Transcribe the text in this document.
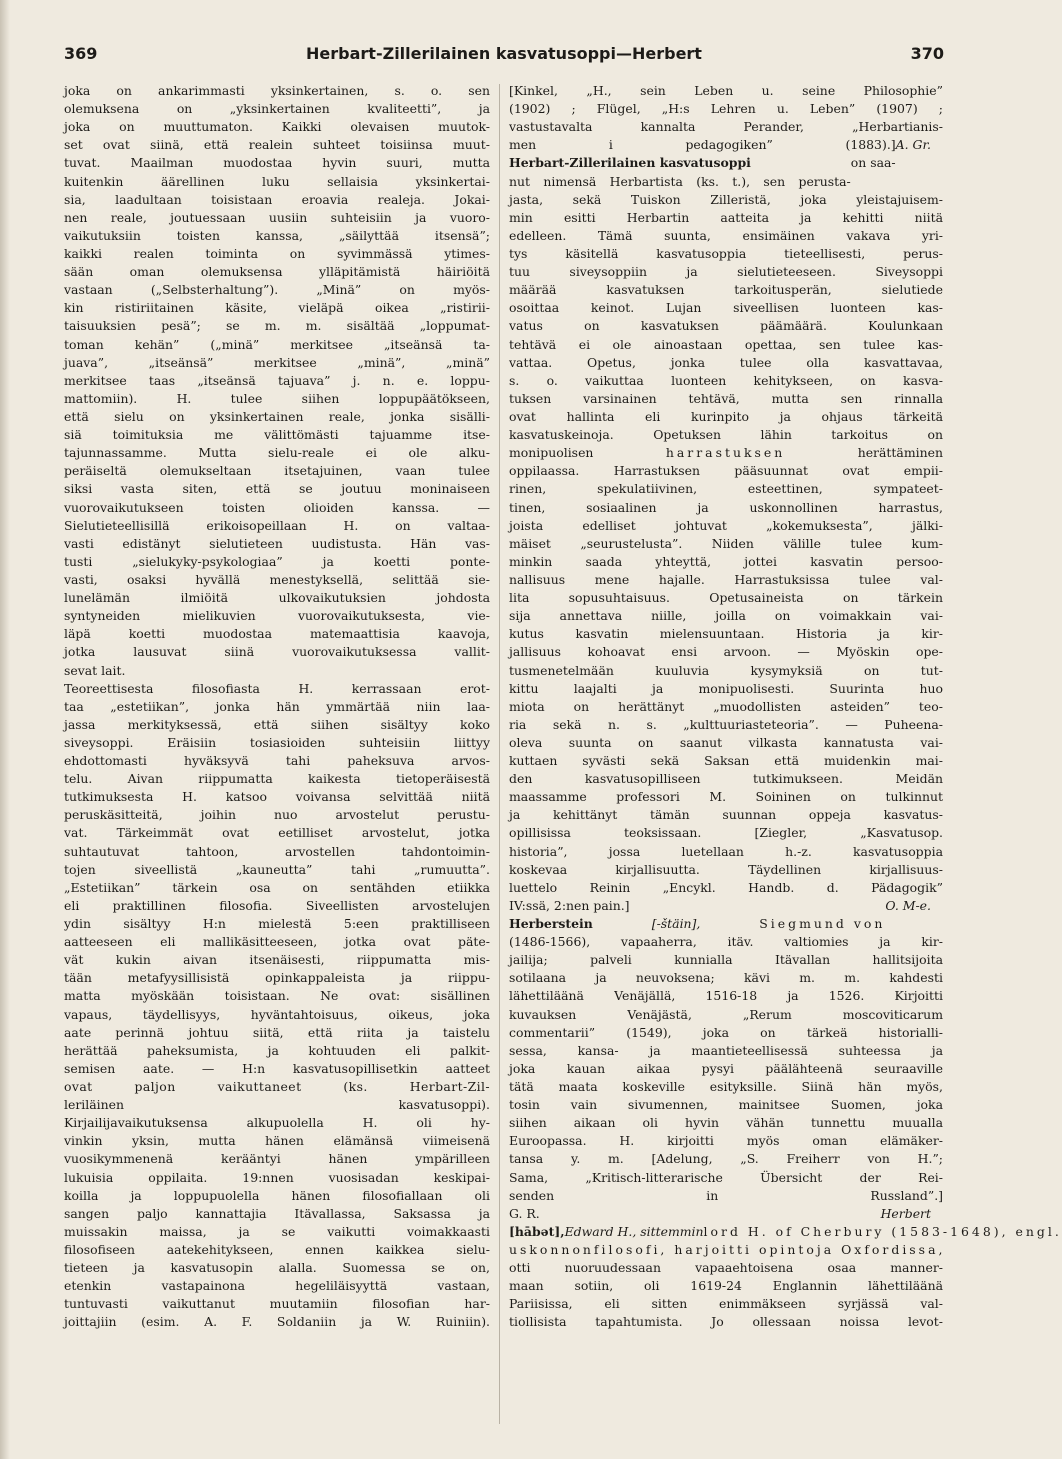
369	Herbart-Zillerilainen kasvatusoppi—Herbert	370
joka on ankarimmasti yksinkertainen, s. o. sen
olemuksena on „yksinkertainen kvaliteetti”, ja
joka on muuttumaton. Kaikki olevaisen muutok-
set ovat siinä, että realein suhteet toisiinsa muut-
tuvat. Maailman muodostaa hyvin suuri, mutta
kuitenkin äärellinen luku sellaisia yksinkertai-
sia, laadultaan toisistaan eroavia realeja. Jokai-
nen reale, joutuessaan uusiin suhteisiin ja vuoro-
vaikutuksiin toisten kanssa, „säilyttää itsensä”;
kaikki realen toiminta on syvimmässä ytimes-
sään oman olemuksensa ylläpitämistä häiriöitä
vastaan („Selbsterhaltung”). „Minä” on myös-
kin ristiriitainen käsite, vieläpä oikea „ristirii-
taisuuksien pesä”; se m. m. sisältää „loppumat-
toman kehän” („minä” merkitsee „itseänsä ta-
juava”, „itseänsä” merkitsee „minä”, „minä”
merkitsee taas „itseänsä tajuava” j. n. e. loppu-
mattomiin). H. tulee siihen loppupäätökseen,
että sielu on yksinkertainen reale, jonka sisälli-
siä toimituksia me välittömästi tajuamme itse-
tajunnassamme. Mutta sielu-reale ei ole alku-
peräiseltä olemukseltaan itsetajuinen, vaan tulee
siksi vasta siten, että se joutuu moninaiseen
vuorovaikutukseen toisten olioiden kanssa. —
Sielutieteellisillä erikoisopeillaan H. on valtaa-
vasti edistänyt sielutieteen uudistusta. Hän vas-
tusti „sielukyky-psykologiaa” ja koetti ponte-
vasti, osaksi hyvällä menestyksellä, selittää sie-
lunelämän ilmiöitä ulkovaikutuksien johdosta
syntyneiden mielikuvien vuorovaikutuksesta, vie-
läpä koetti muodostaa matemaattisia kaavoja,
jotka lausuvat siinä vuorovaikutuksessa vallit-
sevat lait.
Teoreettisesta filosofiasta H. kerrassaan erot-
taa „estetiikan”, jonka hän ymmärtää niin laa-
jassa merkityksessä, että siihen sisältyy koko
siveysoppi. Eräisiin tosiasioiden suhteisiin liittyy
ehdottomasti hyväksyvä tahi paheksuva arvos-
telu. Aivan riippumatta kaikesta tietoperäisestä
tutkimuksesta H. katsoo voivansa selvittää niitä
peruskäsitteitä, joihin nuo arvostelut perustu-
vat. Tärkeimmät ovat eetilliset arvostelut, jotka
suhtautuvat tahtoon, arvostellen tahdontoimin-
tojen siveellistä „kauneutta” tahi „rumuutta”.
„Estetiikan” tärkein osa on sentähden etiikka
eli praktillinen filosofia. Siveellisten arvostelujen
ydin sisältyy H:n mielestä 5:een praktilliseen
aatteeseen eli mallikäsitteeseen, jotka ovat päte-
vät kukin aivan itsenäisesti, riippumatta mis-
tään metafyysillisistä opinkappaleista ja riippu-
matta myöskään toisistaan. Ne ovat: sisällinen
vapaus, täydellisyys, hyväntahtoisuus, oikeus, joka
aate perinnä johtuu siitä, että riita ja taistelu
herättää paheksumista, ja kohtuuden eli palkit-
semisen aate. — H:n kasvatusopillisetkin aatteet
ovat paljon vaikuttaneet (ks. Herbart-Zil-
leriläinen kasvatusoppi).
Kirjailijavaikutuksensa alkupuolella H. oli hy-
vinkin yksin, mutta hänen elämänsä viimeisenä
vuosikymmenenä kerääntyi hänen ympärilleen
lukuisia oppilaita. 19:nnen vuosisadan keskipai-
koilla ja loppupuolella hänen filosofiallaan oli
sangen paljo kannattajia Itävallassa, Saksassa ja
muissakin maissa, ja se vaikutti voimakkaasti
filosofiseen aatekehitykseen, ennen kaikkea sielu-
tieteen ja kasvatusopin alalla. Suomessa se on,
etenkin vastapainona hegeliläisyyttä vastaan,
tuntuvasti vaikuttanut muutamiin filosofian har-
joittajiin (esim. A. F. Soldaniin ja W. Ruiniin).
[Kinkel, „H., sein Leben u. seine Philosophie”
(1902) ; Flügel, „H:s Lehren u. Leben” (1907) ;
vastustavalta kannalta Perander, „Herbartianis-
men i pedagogiken” (1883).] A. Gr.
Herbart-Zillerilainen kasvatusoppi	on saa-
nut nimensä Herbartista (ks. t.), sen perusta-
jasta, sekä Tuiskon Zilleristä, joka yleistajuisem-
min esitti Herbartin aatteita ja kehitti niitä
edelleen. Tämä suunta, ensimäinen vakava yri-
tys käsitellä kasvatusoppia tieteellisesti, perus-
tuu siveysoppiin ja sielutieteeseen. Siveysoppi
määrää kasvatuksen tarkoitusperän, sielutiede
osoittaa keinot. Lujan siveellisen luonteen kas-
vatus on kasvatuksen päämäärä. Koulunkaan
tehtävä ei ole ainoastaan opettaa, sen tulee kas-
vattaa. Opetus, jonka tulee olla kasvattavaa,
s. o. vaikuttaa luonteen kehitykseen, on kasva-
tuksen varsinainen tehtävä, mutta sen rinnalla
ovat hallinta eli kurinpito ja ohjaus tärkeitä
kasvatuskeinoja. Opetuksen lähin tarkoitus on
monipuolisen	harrastuksen	herättäminen
oppilaassa. Harrastuksen pääsuunnat ovat empii-
rinen, spekulatiivinen, esteettinen, sympateet-
tinen, sosiaalinen ja uskonnollinen harrastus,
joista edelliset johtuvat „kokemuksesta”, jälki-
mäiset „seurustelusta”. Niiden välille tulee kum-
minkin saada yhteyttä, jottei kasvatin persoo-
nallisuus mene hajalle. Harrastuksissa tulee val-
lita sopusuhtaisuus. Opetusaineista on tärkein
sija annettava niille, joilla on voimakkain vai-
kutus kasvatin mielensuuntaan. Historia ja kir-
jallisuus kohoavat ensi arvoon. — Myöskin ope-
tusmenetelmään kuuluvia kysymyksiä on tut-
kittu laajalti ja monipuolisesti. Suurinta huo
miota on herättänyt „muodollisten asteiden” teo-
ria sekä n. s. „kulttuuriasteteoria”. — Puheena-
oleva suunta on saanut vilkasta kannatusta vai-
kuttaen syvästi sekä Saksan että muidenkin mai-
den kasvatusopilliseen tutkimukseen. Meidän
maassamme professori M. Soininen on tulkinnut
ja kehittänyt tämän suunnan oppeja kasvatus-
opillisissa teoksissaan. [Ziegler, „Kasvatusop.
historia”, jossa luetellaan h.-z. kasvatusoppia
koskevaa kirjallisuutta. Täydellinen kirjallisuus-
luettelo Reinin „Encykl. Handb. d. Pädagogik”
IV:ssä, 2:nen pain.]	O. M-e.
Herberstein	[-štäin],	Siegmund von
(1486-1566), vapaaherra, itäv. valtiomies ja kir-
jailija; palveli kunnialla Itävallan hallitsijoita
sotilaana ja neuvoksena; kävi m. m. kahdesti
lähettiläänä Venäjällä, 1516-18 ja 1526. Kirjoitti
kuvauksen Venäjästä, „Rerum moscoviticarum
commentarii” (1549), joka on tärkeä historialli-
sessa, kansa- ja maantieteellisessä suhteessa ja
joka kauan aikaa pysyi päälähteenä seuraaville
tätä maata koskeville esityksille. Siinä hän myös,
tosin vain sivumennen, mainitsee Suomen, joka
siihen aikaan oli hyvin vähän tunnettu muualla
Euroopassa. H. kirjoitti myös oman elämäker-
tansa y. m. [Adelung, „S. Freiherr von H.”;
Sama, „Kritisch-litterarische Übersicht der Rei-
senden in Russland”.]
G. R.	Herbert
[hābət], Edward H., sittemmin lord H. of Cherbury (1583-1648), engl.
uskonnonfilosofi, harjoitti opintoja Oxfordissa,
otti nuoruudessaan vapaaehtoisena osaa manner-
maan sotiin, oli 1619-24 Englannin lähettiläänä
Pariisissa, eli sitten enimmäkseen syrjässä val-
tiollisista tapahtumista. Jo ollessaan noissa levot-
